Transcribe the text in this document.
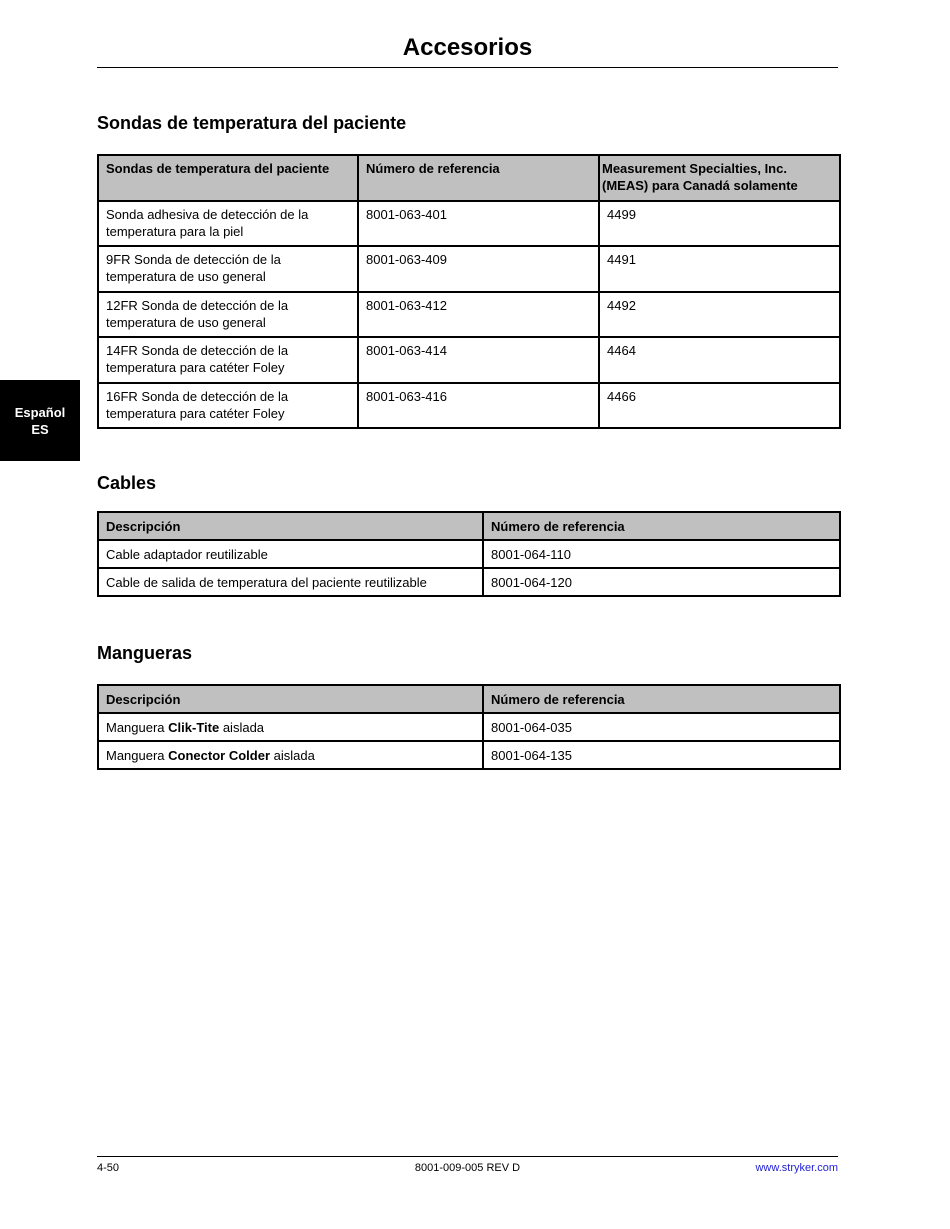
Accesorios
Español
ES
Sondas de temperatura del paciente
Sondas de temperatura del paciente	Número de referencia	Measurement Specialties, Inc. (MEAS) para Canadá solamente
Sonda adhesiva de detección de la temperatura para la piel	8001-063-401	4499
9FR Sonda de detección de la temperatura de uso general	8001-063-409	4491
12FR Sonda de detección de la temperatura de uso general	8001-063-412	4492
14FR Sonda de detección de la temperatura para catéter Foley	8001-063-414	4464
16FR Sonda de detección de la temperatura para catéter Foley	8001-063-416	4466
Cables
Descripción	Número de referencia
Cable adaptador reutilizable	8001-064-110
Cable de salida de temperatura del paciente reutilizable	8001-064-120
Mangueras
Descripción	Número de referencia
Manguera Clik-Tite aislada	8001-064-035
Manguera Conector Colder aislada	8001-064-135
4-50	8001-009-005 REV D	www.stryker.com
